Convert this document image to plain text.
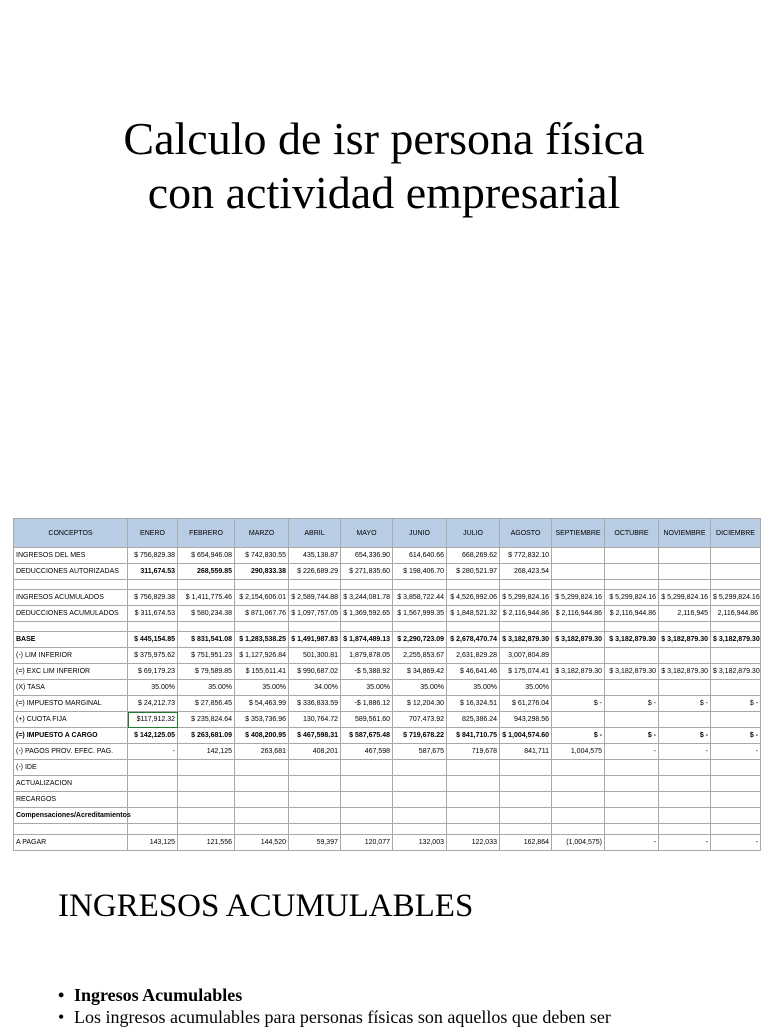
Calculo de isr persona física
con actividad empresarial
CONCEPTOS	ENERO	FEBRERO	MARZO	ABRIL	MAYO	JUNIO	JULIO	AGOSTO	SEPTIEMBRE	OCTUBRE	NOVIEMBRE	DICIEMBRE
INGRESOS DEL MES	$ 756,829.38	$ 654,946.08	$ 742,830.55	435,138.87	654,336.90	614,640.66	668,269.62	$ 772,832.10				
DEDUCCIONES AUTORIZADAS	311,674.53	268,559.85	290,833.38	$ 226,689.29	$ 271,835.60	$ 198,406.70	$ 280,521.97	268,423.54				

INGRESOS ACUMULADOS	$ 756,829.38	$ 1,411,775.46	$ 2,154,606.01	$ 2,589,744.88	$ 3,244,081.78	$ 3,858,722.44	$ 4,526,992.06	$ 5,299,824.16	$ 5,299,824.16	$ 5,299,824.16	$ 5,299,824.16	$ 5,299,824.16
DEDUCCIONES ACUMULADOS	$ 311,674.53	$ 580,234.38	$ 871,067.76	$ 1,097,757.05	$ 1,369,592.65	$ 1,567,999.35	$ 1,848,521.32	$ 2,116,944.86	$ 2,116,944.86	$ 2,116,944.86	2,116,945	2,116,944.86

BASE	$ 445,154.85	$ 831,541.08	$ 1,283,538.25	$ 1,491,987.83	$ 1,874,489.13	$ 2,290,723.09	$ 2,678,470.74	$ 3,182,879.30	$ 3,182,879.30	$ 3,182,879.30	$ 3,182,879.30	$ 3,182,879.30
(-) LIM INFERIOR	$ 375,975.62	$ 751,951.23	$ 1,127,926.84	501,300.81	1,879,878.05	2,255,853.67	2,631,829.28	3,007,804.89				
(=) EXC LIM INFERIOR	$ 69,179.23	$ 79,589.85	$ 155,611.41	$ 990,687.02	-$ 5,388.92	$ 34,869.42	$ 46,641.46	$ 175,074.41	$ 3,182,879.30	$ 3,182,879.30	$ 3,182,879.30	$ 3,182,879.30
(X) TASA	35.00%	35.00%	35.00%	34.00%	35.00%	35.00%	35.00%	35.00%				
(=) IMPUESTO MARGINAL	$ 24,212.73	$ 27,856.45	$ 54,463.99	$ 336,833.59	-$ 1,886.12	$ 12,204.30	$ 16,324.51	$ 61,276.04	$ -	$ -	$ -	$ -
(+) CUOTA FIJA	$117,912.32	$ 235,824.64	$ 353,736.96	130,764.72	589,561.60	707,473.92	825,386.24	943,298.56				
(=) IMPUESTO A CARGO	$ 142,125.05	$ 263,681.09	$ 408,200.95	$ 467,598.31	$ 587,675.48	$ 719,678.22	$ 841,710.75	$ 1,004,574.60	$ -	$ -	$ -	$ -
(-) PAGOS PROV. EFEC. PAG.	-	142,125	263,681	408,201	467,598	587,675	719,678	841,711	1,004,575	-	-	-
(-) IDE												
ACTUALIZACION												
RECARGOS												
Compensaciones/Acreditamientos												

A PAGAR	143,125	121,556	144,520	59,397	120,077	132,003	122,033	162,864	(1,004,575)	-	-	-
INGRESOS ACUMULABLES
• Ingresos Acumulables
• Los ingresos acumulables para personas físicas son aquellos que deben ser
